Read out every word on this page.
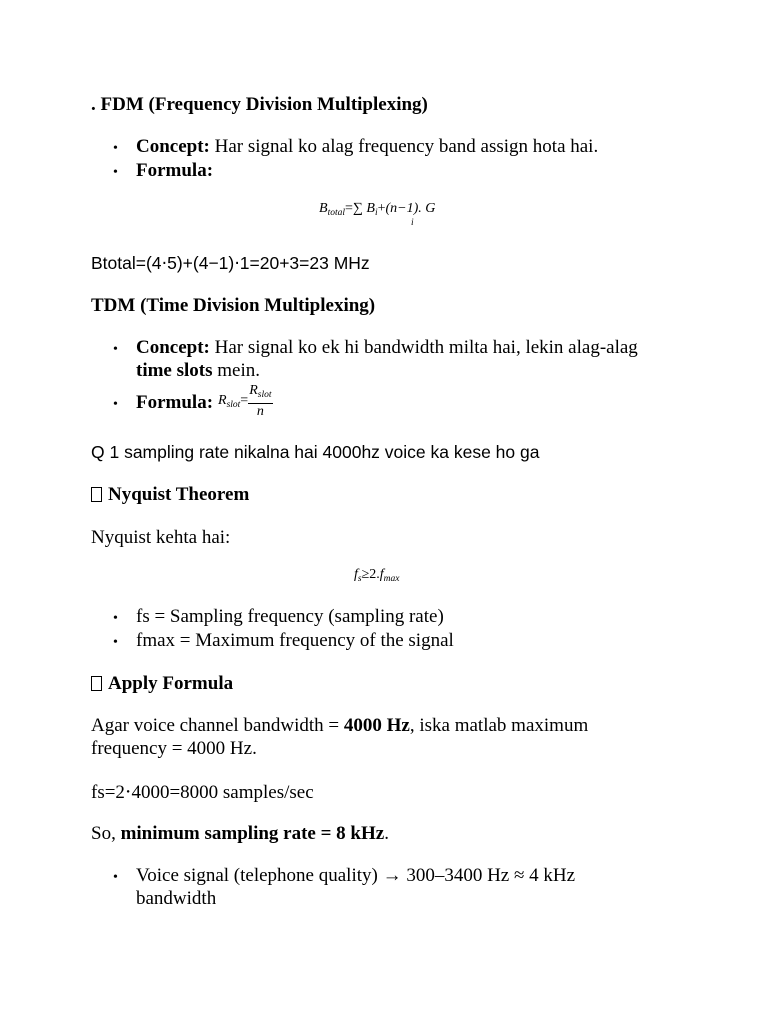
. FDM (Frequency Division Multiplexing)
• Concept: Har signal ko alag frequency band assign hota hai.
• Formula:
$B_{total}=\sum$ $B_i+(n-1)$. G
i
Btotal=(4⋅5)+(4−1)⋅1=20+3=23 MHz
TDM (Time Division Multiplexing)
• Concept: Har signal ko ek hi bandwidth milta hai, lekin alag-alag
time slots mein.
• Formula: $R_{slot}= \frac{R_{slot}}{n}$
Q 1 sampling rate nikalna hai 4000hz voice ka kese ho ga
Nyquist Theorem
Nyquist kehta hai:
$f_s\ge 2.f_{max}$
• fs = Sampling frequency (sampling rate)
• fmax = Maximum frequency of the signal
Apply Formula
Agar voice channel bandwidth = 4000 Hz, iska matlab maximum
frequency = 4000 Hz.
fs=2⋅4000=8000 samples/sec
So, minimum sampling rate = 8 kHz.
• Voice signal (telephone quality) → 300–3400 Hz ≈ 4 kHz
bandwidth
